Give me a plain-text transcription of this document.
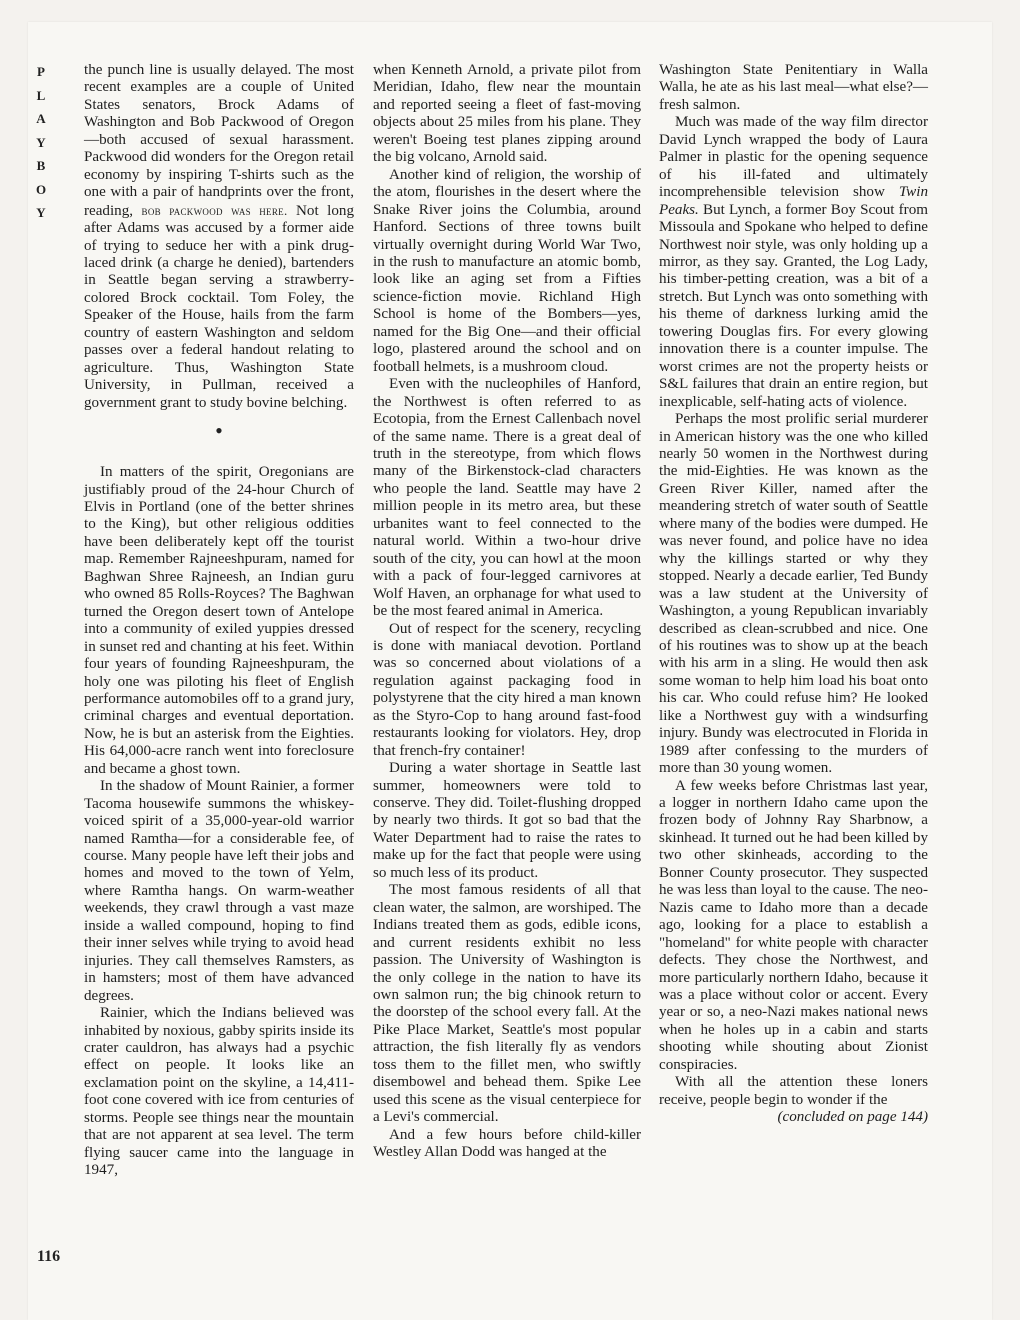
P
L
A
Y
B
O
Y
116

the punch line is usually delayed. The most recent examples are a couple of United States senators, Brock Adams of Washington and Bob Packwood of Oregon—both accused of sexual harassment. Packwood did wonders for the Oregon retail economy by inspiring T-shirts such as the one with a pair of handprints over the front, reading, bob packwood was here. Not long after Adams was accused by a former aide of trying to seduce her with a pink drug-laced drink (a charge he denied), bartenders in Seattle began serving a strawberry-colored Brock cocktail. Tom Foley, the Speaker of the House, hails from the farm country of eastern Washington and seldom passes over a federal handout relating to agriculture. Thus, Washington State University, in Pullman, received a government grant to study bovine belching.

•

In matters of the spirit, Oregonians are justifiably proud of the 24-hour Church of Elvis in Portland (one of the better shrines to the King), but other religious oddities have been deliberately kept off the tourist map. Remember Rajneeshpuram, named for Baghwan Shree Rajneesh, an Indian guru who owned 85 Rolls-Royces? The Baghwan turned the Oregon desert town of Antelope into a community of exiled yuppies dressed in sunset red and chanting at his feet. Within four years of founding Rajneeshpuram, the holy one was piloting his fleet of English performance automobiles off to a grand jury, criminal charges and eventual deportation. Now, he is but an asterisk from the Eighties. His 64,000-acre ranch went into foreclosure and became a ghost town.

In the shadow of Mount Rainier, a former Tacoma housewife summons the whiskey-voiced spirit of a 35,000-year-old warrior named Ramtha—for a considerable fee, of course. Many people have left their jobs and homes and moved to the town of Yelm, where Ramtha hangs. On warm-weather weekends, they crawl through a vast maze inside a walled compound, hoping to find their inner selves while trying to avoid head injuries. They call themselves Ramsters, as in hamsters; most of them have advanced degrees.

Rainier, which the Indians believed was inhabited by noxious, gabby spirits inside its crater cauldron, has always had a psychic effect on people. It looks like an exclamation point on the skyline, a 14,411-foot cone covered with ice from centuries of storms. People see things near the mountain that are not apparent at sea level. The term flying saucer came into the language in 1947,

when Kenneth Arnold, a private pilot from Meridian, Idaho, flew near the mountain and reported seeing a fleet of fast-moving objects about 25 miles from his plane. They weren't Boeing test planes zipping around the big volcano, Arnold said.

Another kind of religion, the worship of the atom, flourishes in the desert where the Snake River joins the Columbia, around Hanford. Sections of three towns built virtually overnight during World War Two, in the rush to manufacture an atomic bomb, look like an aging set from a Fifties science-fiction movie. Richland High School is home of the Bombers—yes, named for the Big One—and their official logo, plastered around the school and on football helmets, is a mushroom cloud.

Even with the nucleophiles of Hanford, the Northwest is often referred to as Ecotopia, from the Ernest Callenbach novel of the same name. There is a great deal of truth in the stereotype, from which flows many of the Birkenstock-clad characters who people the land. Seattle may have 2 million people in its metro area, but these urbanites want to feel connected to the natural world. Within a two-hour drive south of the city, you can howl at the moon with a pack of four-legged carnivores at Wolf Haven, an orphanage for what used to be the most feared animal in America.

Out of respect for the scenery, recycling is done with maniacal devotion. Portland was so concerned about violations of a regulation against packaging food in polystyrene that the city hired a man known as the Styro-Cop to hang around fast-food restaurants looking for violators. Hey, drop that french-fry container!

During a water shortage in Seattle last summer, homeowners were told to conserve. They did. Toilet-flushing dropped by nearly two thirds. It got so bad that the Water Department had to raise the rates to make up for the fact that people were using so much less of its product.

The most famous residents of all that clean water, the salmon, are worshiped. The Indians treated them as gods, edible icons, and current residents exhibit no less passion. The University of Washington is the only college in the nation to have its own salmon run; the big chinook return to the doorstep of the school every fall. At the Pike Place Market, Seattle's most popular attraction, the fish literally fly as vendors toss them to the fillet men, who swiftly disembowel and behead them. Spike Lee used this scene as the visual centerpiece for a Levi's commercial.

And a few hours before child-killer Westley Allan Dodd was hanged at the

Washington State Penitentiary in Walla Walla, he ate as his last meal—what else?—fresh salmon.

Much was made of the way film director David Lynch wrapped the body of Laura Palmer in plastic for the opening sequence of his ill-fated and ultimately incomprehensible television show Twin Peaks. But Lynch, a former Boy Scout from Missoula and Spokane who helped to define Northwest noir style, was only holding up a mirror, as they say. Granted, the Log Lady, his timber-petting creation, was a bit of a stretch. But Lynch was onto something with his theme of darkness lurking amid the towering Douglas firs. For every glowing innovation there is a counter impulse. The worst crimes are not the property heists or S&L failures that drain an entire region, but inexplicable, self-hating acts of violence.

Perhaps the most prolific serial murderer in American history was the one who killed nearly 50 women in the Northwest during the mid-Eighties. He was known as the Green River Killer, named after the meandering stretch of water south of Seattle where many of the bodies were dumped. He was never found, and police have no idea why the killings started or why they stopped. Nearly a decade earlier, Ted Bundy was a law student at the University of Washington, a young Republican invariably described as clean-scrubbed and nice. One of his routines was to show up at the beach with his arm in a sling. He would then ask some woman to help him load his boat onto his car. Who could refuse him? He looked like a Northwest guy with a windsurfing injury. Bundy was electrocuted in Florida in 1989 after confessing to the murders of more than 30 young women.

A few weeks before Christmas last year, a logger in northern Idaho came upon the frozen body of Johnny Ray Sharbnow, a skinhead. It turned out he had been killed by two other skinheads, according to the Bonner County prosecutor. They suspected he was less than loyal to the cause. The neo-Nazis came to Idaho more than a decade ago, looking for a place to establish a "homeland" for white people with character defects. They chose the Northwest, and more particularly northern Idaho, because it was a place without color or accent. Every year or so, a neo-Nazi makes national news when he holes up in a cabin and starts shooting while shouting about Zionist conspiracies.

With all the attention these loners receive, people begin to wonder if the

(concluded on page 144)
